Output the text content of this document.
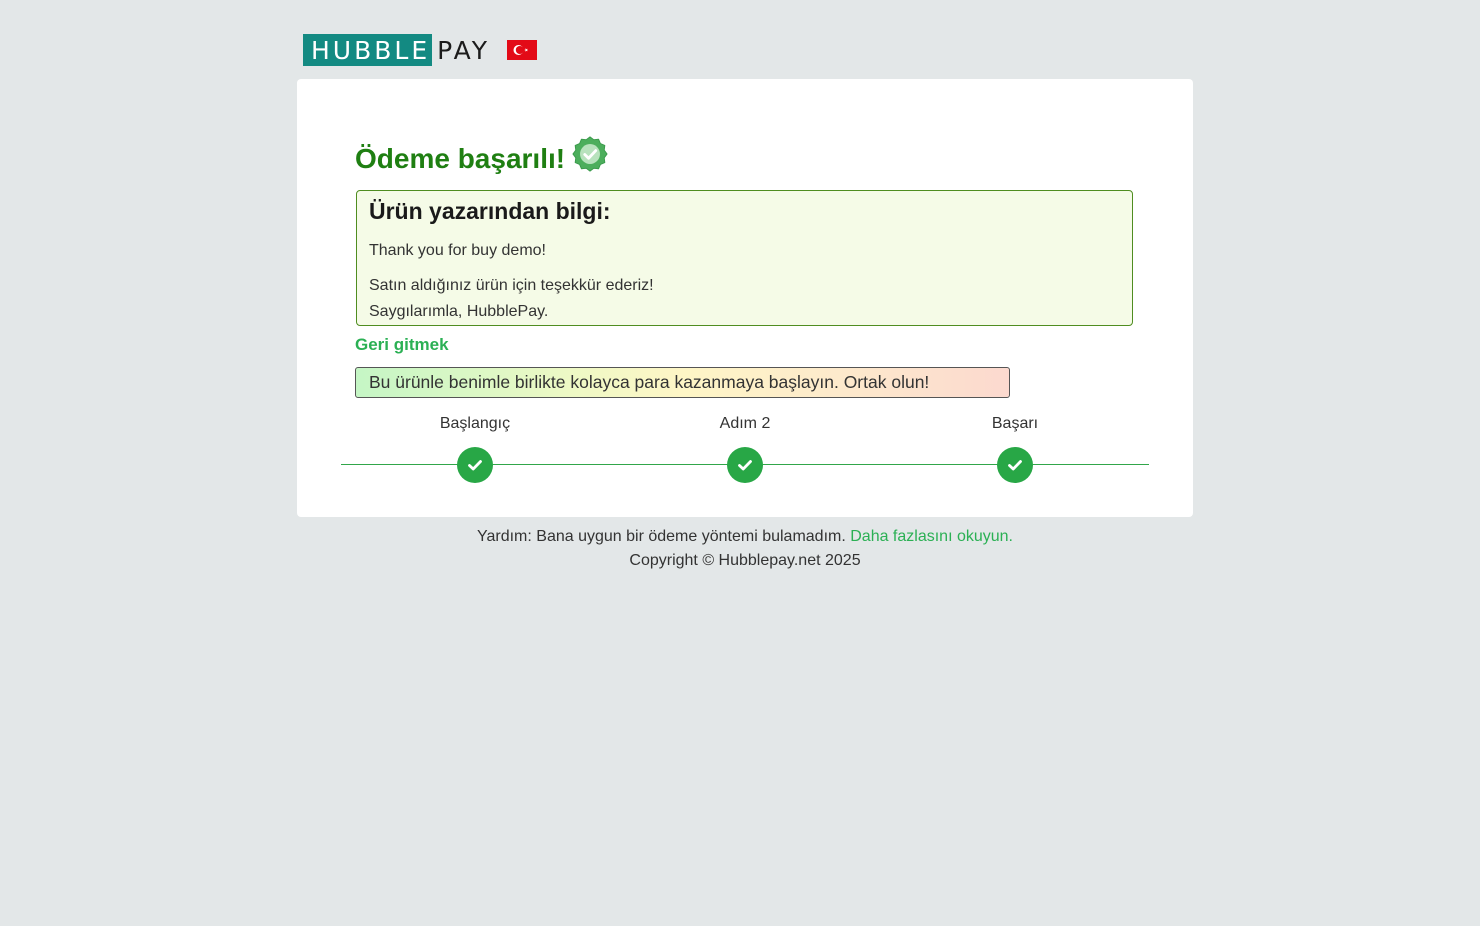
HUBBLE PAY
Ödeme başarılı!

Ürün yazarından bilgi:

Thank you for buy demo!

Satın aldığınız ürün için teşekkür ederiz!

Saygılarımla, HubblePay.

Geri gitmek
Bu ürünle benimle birlikte kolayca para kazanmaya başlayın. Ortak olun!
Başlangıç	Adım 2	Başarı
Yardım: Bana uygun bir ödeme yöntemi bulamadım. Daha fazlasını okuyun.
Copyright © Hubblepay.net 2025
